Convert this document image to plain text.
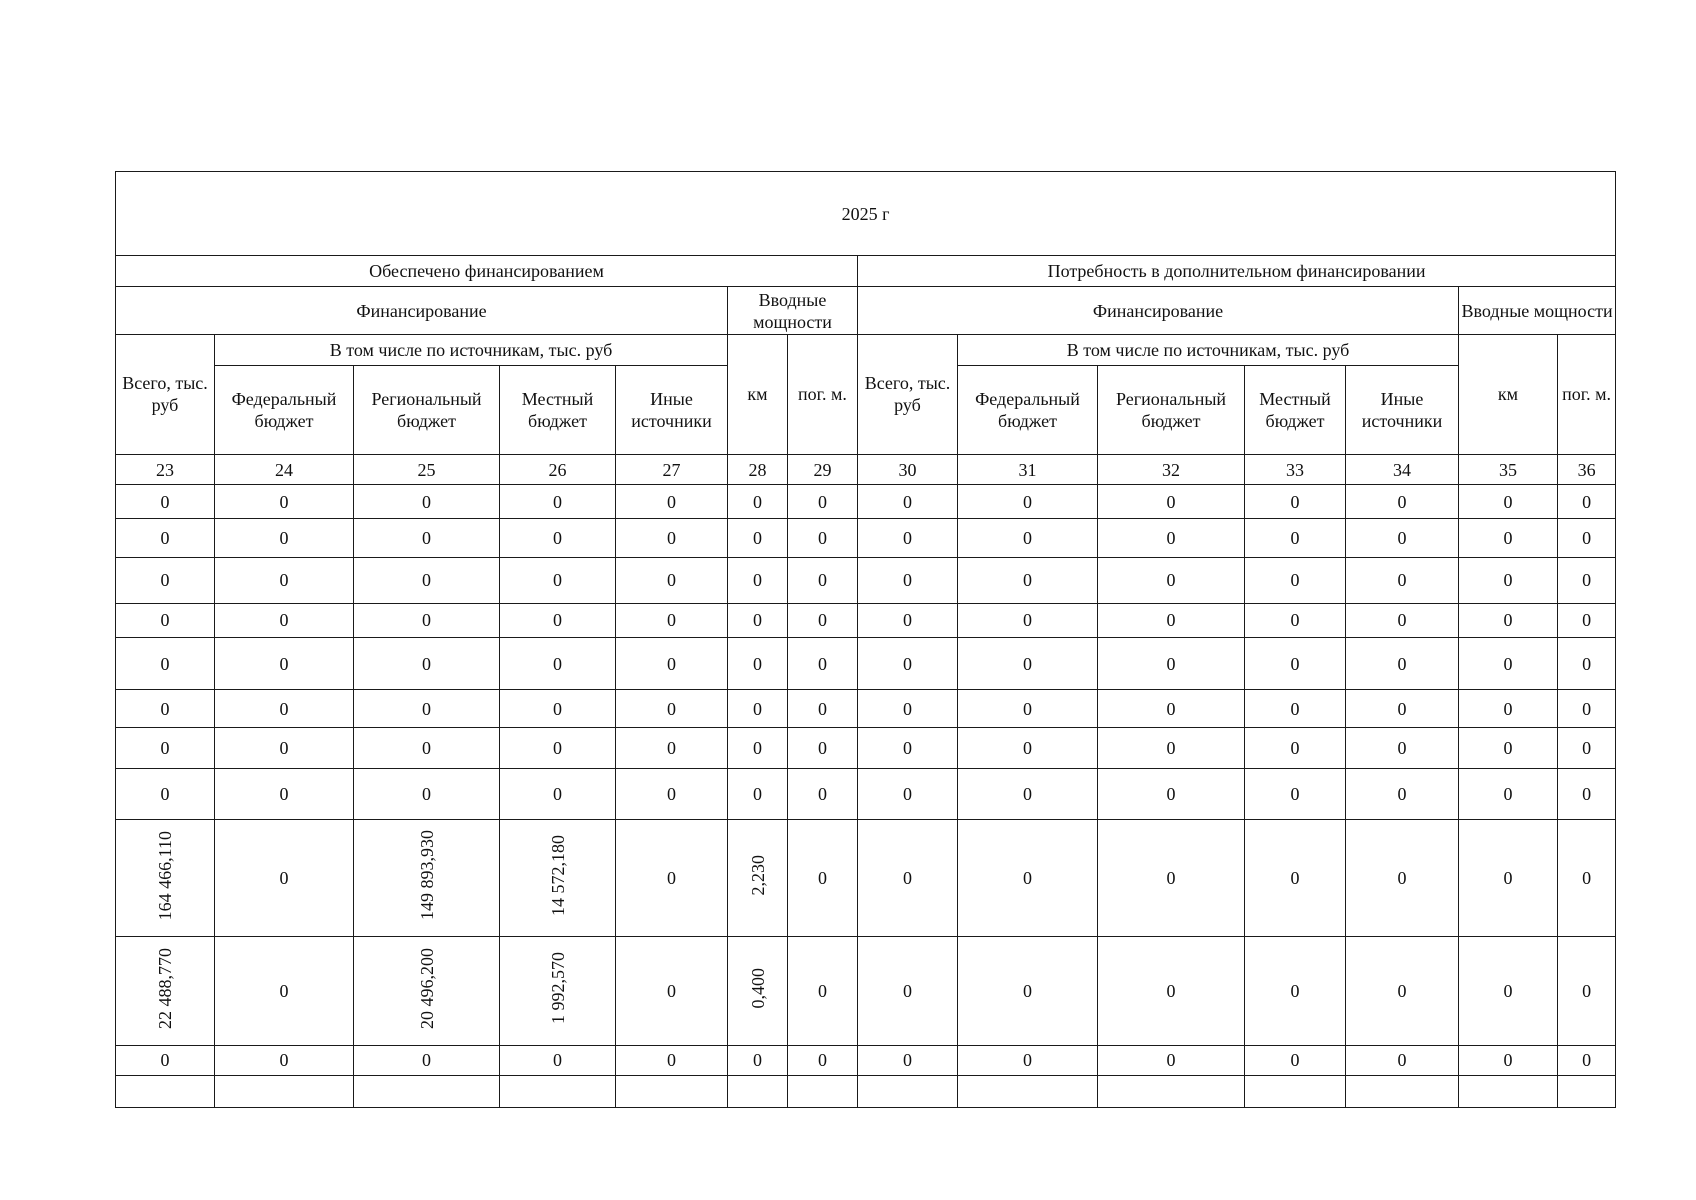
2025 г													
Обеспечено финансированием							Потребность в дополнительном финансировании						
Финансирование					Вводные мощности		Финансирование					Вводные мощности	
Всего, тыс. руб	В том числе по источникам, тыс. руб				км	пог. м.	Всего, тыс. руб	В том числе по источникам, тыс. руб				км	пог. м.
	Федеральный бюджет	Региональный бюджет	Местный бюджет	Иные источники				Федеральный бюджет	Региональный бюджет	Местный бюджет	Иные источники		
23	24	25	26	27	28	29	30	31	32	33	34	35	36
0	0	0	0	0	0	0	0	0	0	0	0	0	0
0	0	0	0	0	0	0	0	0	0	0	0	0	0
0	0	0	0	0	0	0	0	0	0	0	0	0	0
0	0	0	0	0	0	0	0	0	0	0	0	0	0
0	0	0	0	0	0	0	0	0	0	0	0	0	0
0	0	0	0	0	0	0	0	0	0	0	0	0	0
0	0	0	0	0	0	0	0	0	0	0	0	0	0
0	0	0	0	0	0	0	0	0	0	0	0	0	0
164 466,110	0	149 893,930	14 572,180	0	2,230	0	0	0	0	0	0	0	0
22 488,770	0	20 496,200	1 992,570	0	0,400	0	0	0	0	0	0	0	0
0	0	0	0	0	0	0	0	0	0	0	0	0	0
